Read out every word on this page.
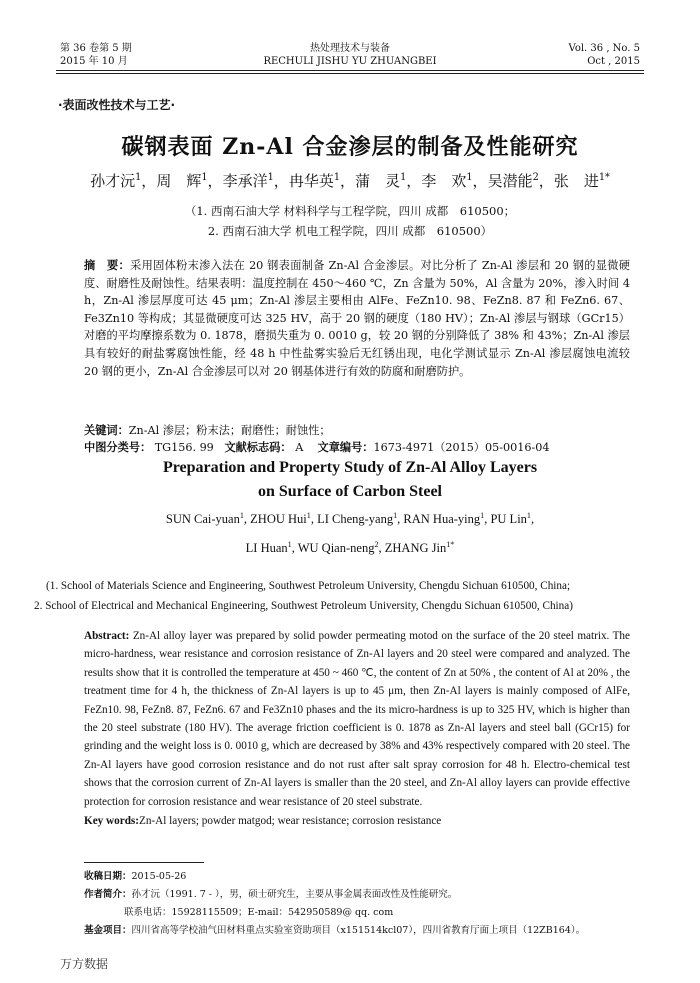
第 36 卷第 5 期
2015 年 10 月
热处理技术与装备
RECHULI JISHU YU ZHUANGBEI
Vol. 36 , No. 5
Oct , 2015
·表面改性技术与工艺·
碳钢表面 Zn-Al 合金渗层的制备及性能研究
孙才沅$^1$，周　辉$^1$，李承洋$^1$，冉华英$^1$，蒲　灵$^1$，李　欢$^1$，吴潜能$^2$，张　进$^{1*}$
（1. 西南石油大学 材料科学与工程学院，四川 成都　610500；
2. 西南石油大学 机电工程学院，四川 成都　610500）
摘　要：采用固体粉末渗入法在 20 钢表面制备 Zn-Al 合金渗层。对比分析了 Zn-Al 渗层和 20 钢的显微硬度、耐磨性及耐蚀性。结果表明：温度控制在 450～460 ℃，Zn 含量为 50%，Al 含量为 20%，渗入时间 4 h，Zn-Al 渗层厚度可达 45 μm；Zn-Al 渗层主要相由 AlFe、FeZn10. 98、FeZn8. 87 和 FeZn6. 67、Fe3Zn10 等构成；其显微硬度可达 325 HV，高于 20 钢的硬度（180 HV）；Zn-Al 渗层与钢球（GCr15）对磨的平均摩擦系数为 0. 1878，磨损失重为 0. 0010 g，较 20 钢的分别降低了 38% 和 43%；Zn-Al 渗层具有较好的耐盐雾腐蚀性能，经 48 h 中性盐雾实验后无红锈出现，电化学测试显示 Zn-Al 渗层腐蚀电流较 20 钢的更小，Zn-Al 合金渗层可以对 20 钢基体进行有效的防腐和耐磨防护。
关键词：Zn-Al 渗层；粉末法；耐磨性；耐蚀性；
中图分类号： TG156. 99 文献标志码： A 文章编号：1673-4971（2015）05-0016-04
Preparation and Property Study of Zn-Al Alloy Layers
on Surface of Carbon Steel
SUN Cai-yuan$^1$, ZHOU Hui$^1$, LI Cheng-yang$^1$, RAN Hua-ying$^1$, PU Lin$^1$,
LI Huan$^1$, WU Qian-neng$^2$, ZHANG Jin$^{1*}$
(1. School of Materials Science and Engineering, Southwest Petroleum University, Chengdu Sichuan 610500, China;
2. School of Electrical and Mechanical Engineering, Southwest Petroleum University, Chengdu Sichuan 610500, China)
Abstract: Zn-Al alloy layer was prepared by solid powder permeating motod on the surface of the 20 steel matrix. The micro-hardness, wear resistance and corrosion resistance of Zn-Al layers and 20 steel were compared and analyzed. The results show that it is controlled the temperature at 450 ~ 460 ℃, the content of Zn at 50% , the content of Al at 20% , the treatment time for 4 h, the thickness of Zn-Al layers is up to 45 μm, then Zn-Al layers is mainly composed of AlFe, FeZn10. 98, FeZn8. 87, FeZn6. 67 and Fe3Zn10 phases and the its micro-hardness is up to 325 HV, which is higher than the 20 steel substrate (180 HV). The average friction coefficient is 0. 1878 as Zn-Al layers and steel ball (GCr15) for grinding and the weight loss is 0. 0010 g, which are decreased by 38% and 43% respectively compared with 20 steel. The Zn-Al layers have good corrosion resistance and do not rust after salt spray corrosion for 48 h. Electro-chemical test shows that the corrosion current of Zn-Al layers is smaller than the 20 steel, and Zn-Al alloy layers can provide effective protection for corrosion resistance and wear resistance of 20 steel substrate.
Key words:Zn-Al layers; powder matgod; wear resistance; corrosion resistance
收稿日期：2015-05-26
作者简介：孙才沅（1991. 7 - ），男，硕士研究生，主要从事金属表面改性及性能研究。
联系电话：15928115509；E-mail：542950589@ qq. com
基金项目：四川省高等学校油气田材料重点实验室资助项目（x151514kcl07），四川省教育厅面上项目（12ZB164）。
万方数据
